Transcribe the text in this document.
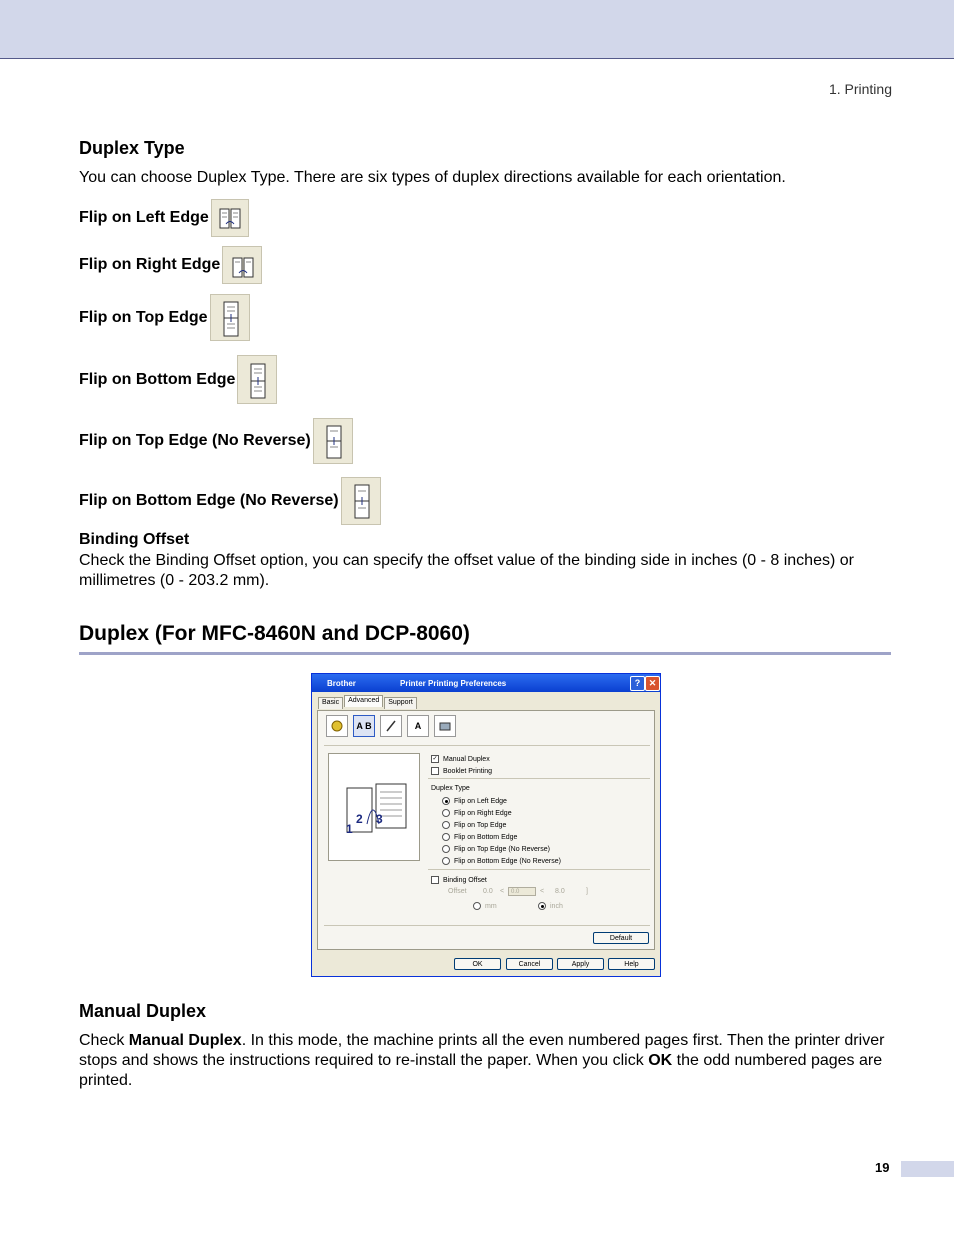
1. Printing
Duplex Type
You can choose Duplex Type. There are six types of duplex directions available for each orientation.
Flip on Left Edge
Flip on Right Edge
Flip on Top Edge
Flip on Bottom Edge
Flip on Top Edge (No Reverse)
Flip on Bottom Edge (No Reverse)
Binding Offset
Check the Binding Offset option, you can specify the offset value of the binding side in inches (0 - 8 inches) or millimetres (0 - 203.2 mm).
Duplex (For MFC-8460N and DCP-8060)
Brother	Printer Printing Preferences	? ✕
Basic	Advanced	Support
A B	A
2 3
1
✓ Manual Duplex
Booklet Printing
Duplex Type
Flip on Left Edge
Flip on Right Edge
Flip on Top Edge
Flip on Bottom Edge
Flip on Top Edge (No Reverse)
Flip on Bottom Edge (No Reverse)
Binding Offset
Offset 0.0 <	0.0	< 8.0	]
mm	inch
Default
OK	Cancel	Apply	Help
Manual Duplex
Check Manual Duplex. In this mode, the machine prints all the even numbered pages first. Then the printer driver stops and shows the instructions required to re-install the paper. When you click OK the odd numbered pages are printed.
19
